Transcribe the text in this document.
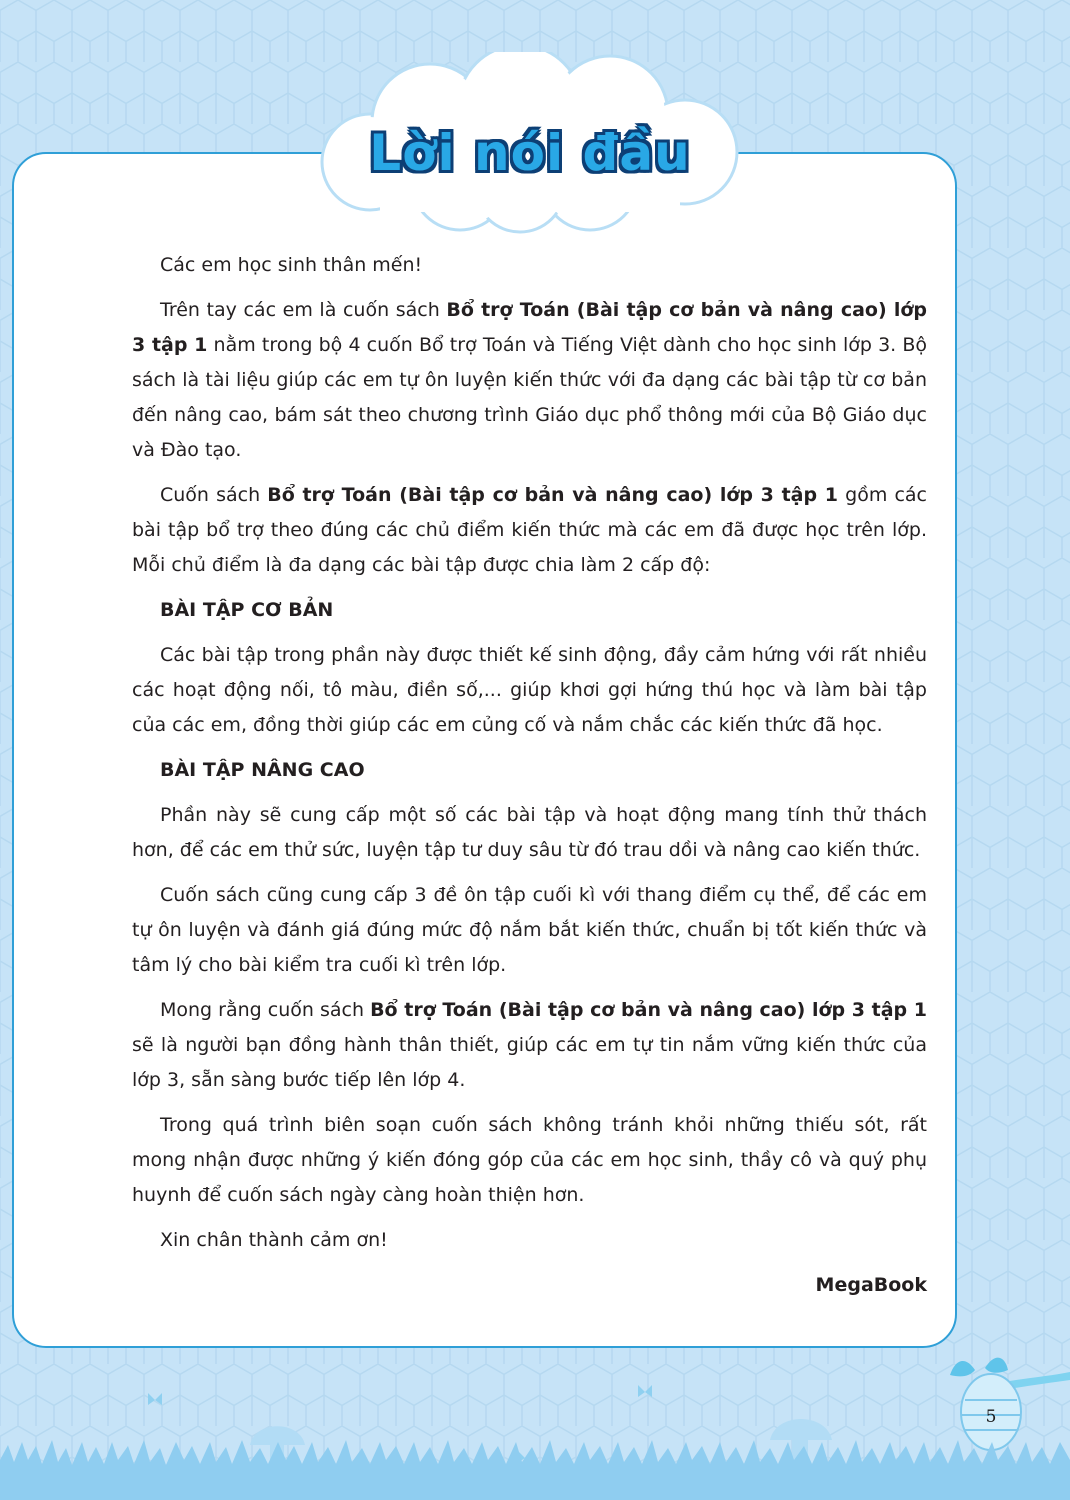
Lời nói đầu

Các em học sinh thân mến!

Trên tay các em là cuốn sách Bổ trợ Toán (Bài tập cơ bản và nâng cao) lớp 3 tập 1 nằm trong bộ 4 cuốn Bổ trợ Toán và Tiếng Việt dành cho học sinh lớp 3. Bộ sách là tài liệu giúp các em tự ôn luyện kiến thức với đa dạng các bài tập từ cơ bản đến nâng cao, bám sát theo chương trình Giáo dục phổ thông mới của Bộ Giáo dục và Đào tạo.

Cuốn sách Bổ trợ Toán (Bài tập cơ bản và nâng cao) lớp 3 tập 1 gồm các bài tập bổ trợ theo đúng các chủ điểm kiến thức mà các em đã được học trên lớp. Mỗi chủ điểm là đa dạng các bài tập được chia làm 2 cấp độ:

BÀI TẬP CƠ BẢN

Các bài tập trong phần này được thiết kế sinh động, đầy cảm hứng với rất nhiều các hoạt động nối, tô màu, điền số,... giúp khơi gợi hứng thú học và làm bài tập của các em, đồng thời giúp các em củng cố và nắm chắc các kiến thức đã học.

BÀI TẬP NÂNG CAO

Phần này sẽ cung cấp một số các bài tập và hoạt động mang tính thử thách hơn, để các em thử sức, luyện tập tư duy sâu từ đó trau dồi và nâng cao kiến thức.

Cuốn sách cũng cung cấp 3 đề ôn tập cuối kì với thang điểm cụ thể, để các em tự ôn luyện và đánh giá đúng mức độ nắm bắt kiến thức, chuẩn bị tốt kiến thức và tâm lý cho bài kiểm tra cuối kì trên lớp.

Mong rằng cuốn sách Bổ trợ Toán (Bài tập cơ bản và nâng cao) lớp 3 tập 1 sẽ là người bạn đồng hành thân thiết, giúp các em tự tin nắm vững kiến thức của lớp 3, sẵn sàng bước tiếp lên lớp 4.

Trong quá trình biên soạn cuốn sách không tránh khỏi những thiếu sót, rất mong nhận được những ý kiến đóng góp của các em học sinh, thầy cô và quý phụ huynh để cuốn sách ngày càng hoàn thiện hơn.

Xin chân thành cảm ơn!

MegaBook

5
